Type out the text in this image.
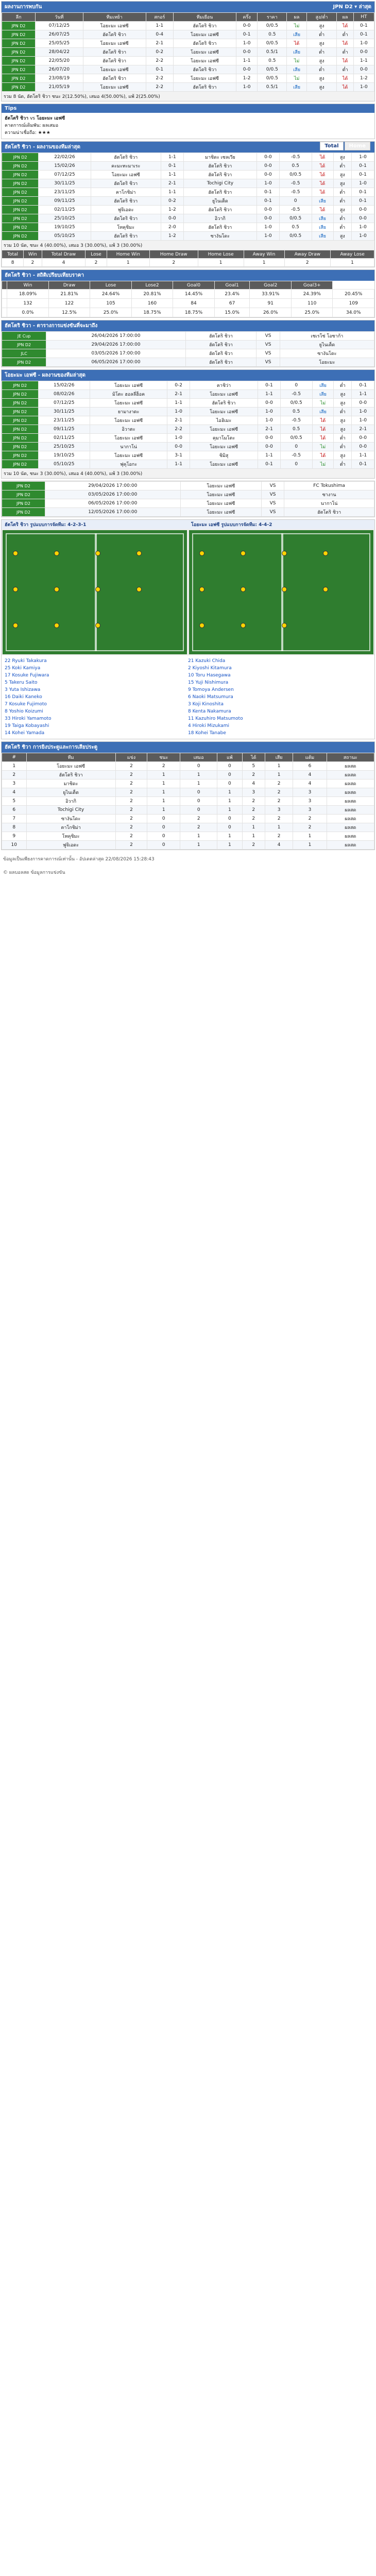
ผลงานการพบกัน	JPN D2 ▾ ล่าสุด
ลีก	วันที่	ทีมเหย้า	สกอร์	ทีมเยือน	ครึ่ง	ราคา	ผล	สูง/ต่ำ	ผล	HT
JPN D2	07/12/25	โอยะมะ เอฟซี	1-1	ฮัตโตริ ชิวา	0-0	0/0.5	ไม่	สูง	ได้	0-1
JPN D2	26/07/25	ฮัตโตริ ชิวา	0-4	โอยะมะ เอฟซี	0-1	0.5	เสีย	ต่ำ	ต่ำ	0-1
JPN D2	25/05/25	โอยะมะ เอฟซี	2-1	ฮัตโตริ ชิวา	1-0	0/0.5	ได้	สูง	ได้	1-0
JPN D2	28/04/22	ฮัตโตริ ชิวา	0-2	โอยะมะ เอฟซี	0-0	0.5/1	เสีย	ต่ำ	ต่ำ	0-0
JPN D2	22/05/20	ฮัตโตริ ชิวา	2-2	โอยะมะ เอฟซี	1-1	0.5	ไม่	สูง	ได้	1-1
JPN D2	26/07/20	โอยะมะ เอฟซี	0-1	ฮัตโตริ ชิวา	0-0	0/0.5	เสีย	ต่ำ	ต่ำ	0-0
JPN D2	23/08/19	ฮัตโตริ ชิวา	2-2	โอยะมะ เอฟซี	1-2	0/0.5	ไม่	สูง	ได้	1-2
JPN D2	21/05/19	โอยะมะ เอฟซี	2-2	ฮัตโตริ ชิวา	1-0	0.5/1	เสีย	สูง	ได้	1-0
รวม 8 นัด, ฮัตโตริ ชิวา ชนะ 2(12.50%), เสมอ 4(50.00%), แพ้ 2(25.00%)
Tips
ฮัตโตริ ชิวา vs โอยะมะ เอฟซี
คาดการณ์เดิมพัน: ผลเสมอ
ความน่าเชื่อถือ: ★★★
ฮัตโตริ ชิวา - ผลงานของทีมล่าสุด	Total Home
JPN D2	22/02/26	ฮัตโตริ ชิวา	1-1	มาชิดะ เซลเวีย	0-0	-0.5	ได้	สูง	1-0
JPN D2	15/02/26	คะมะทะมาเระ	0-1	ฮัตโตริ ชิวา	0-0	0.5	ได้	ต่ำ	0-1
JPN D2	07/12/25	โอยะมะ เอฟซี	1-1	ฮัตโตริ ชิวา	0-0	0/0.5	ได้	สูง	0-1
JPN D2	30/11/25	ฮัตโตริ ชิวา	2-1	Tochigi City	1-0	-0.5	ได้	สูง	1-0
JPN D2	23/11/25	คาโกชิม่า	1-1	ฮัตโตริ ชิวา	0-1	-0.5	ได้	ต่ำ	0-1
JPN D2	09/11/25	ฮัตโตริ ชิวา	0-2	ยูไนเต็ด	0-1	0	เสีย	ต่ำ	0-1
JPN D2	02/11/25	ฟูจิเอดะ	1-2	ฮัตโตริ ชิวา	0-0	-0.5	ได้	สูง	0-0
JPN D2	25/10/25	ฮัตโตริ ชิวา	0-0	อิวากิ	0-0	0/0.5	เสีย	ต่ำ	0-0
JPN D2	19/10/25	โทคุชิมะ	2-0	ฮัตโตริ ชิวา	1-0	0.5	เสีย	ต่ำ	1-0
JPN D2	05/10/25	ฮัตโตริ ชิวา	1-2	ซางันโดะ	1-0	0/0.5	เสีย	สูง	1-0
รวม 10 นัด, ชนะ 4 (40.00%), เสมอ 3 (30.00%), แพ้ 3 (30.00%)
Total	Win	Total Draw	Lose	Home Win	Home Draw	Home Lose	Away Win	Away Draw	Away Lose
8	2	4	2	1	2	1	1	2	1
ฮัตโตริ ชิวา - สถิติเปรียบเทียบราคา
	Win	Draw	Lose	Lose2	Goal0	Goal1	Goal2	Goal3+	
	18.09%	21.81%	24.64%	20.81%	14.45%	23.4%	33.91%	24.39%	20.45%
	132	122	105	160	84	67	91	110	109
	0.0%	12.5%	25.0%	18.75%	18.75%	15.0%	26.0%	25.0%	34.0%
ฮัตโตริ ชิวา - ตารางการแข่งขันที่จะมาถึง
JE Cup	26/04/2026 17:00:00	ฮัตโตริ ชิวา	VS	เซเรโซ่ โอซาก้า
JPN D2	29/04/2026 17:00:00	ฮัตโตริ ชิวา	VS	ยูไนเต็ด
JLC	03/05/2026 17:00:00	ฮัตโตริ ชิวา	VS	ซางันโดะ
JPN D2	06/05/2026 17:00:00	ฮัตโตริ ชิวา	VS	โอยะมะ
โอยะมะ เอฟซี - ผลงานของทีมล่าสุด
JPN D2	15/02/26	โอยะมะ เอฟซี	0-2	คาชิว่า	0-1	0	เสีย	ต่ำ	0-1
JPN D2	08/02/26	มิโตะ ฮอลลี่ฮ็อค	2-1	โอยะมะ เอฟซี	1-1	-0.5	เสีย	สูง	1-1
JPN D2	07/12/25	โอยะมะ เอฟซี	1-1	ฮัตโตริ ชิวา	0-0	0/0.5	ไม่	สูง	0-0
JPN D2	30/11/25	ยามางาตะ	1-0	โอยะมะ เอฟซี	1-0	0.5	เสีย	ต่ำ	1-0
JPN D2	23/11/25	โอยะมะ เอฟซี	2-1	ไอฮิเมะ	1-0	-0.5	ได้	สูง	1-0
JPN D2	09/11/25	อิวาตะ	2-2	โอยะมะ เอฟซี	2-1	0.5	ได้	สูง	2-1
JPN D2	02/11/25	โอยะมะ เอฟซี	1-0	คุมาโมโตะ	0-0	0/0.5	ได้	ต่ำ	0-0
JPN D2	25/10/25	นากาโน่	0-0	โอยะมะ เอฟซี	0-0	0	ไม่	ต่ำ	0-0
JPN D2	19/10/25	โอยะมะ เอฟซี	3-1	ชิมิสุ	1-1	-0.5	ได้	สูง	1-1
JPN D2	05/10/25	ฟุคุโอกะ	1-1	โอยะมะ เอฟซี	0-1	0	ไม่	ต่ำ	0-1
รวม 10 นัด, ชนะ 3 (30.00%), เสมอ 4 (40.00%), แพ้ 3 (30.00%)
JPN D2	29/04/2026 17:00:00	โอยะมะ เอฟซี	VS	FC Tokushima
JPN D2	03/05/2026 17:00:00	โอยะมะ เอฟซี	VS	ซางาน
JPN D2	06/05/2026 17:00:00	โอยะมะ เอฟซี	VS	นากาโน่
JPN D2	12/05/2026 17:00:00	โอยะมะ เอฟซี	VS	ฮัตโตริ ชิวา
ฮัตโตริ ชิวา รูปแบบการจัดทีม: 4-2-3-1	โอยะมะ เอฟซี รูปแบบการจัดทีม: 4-4-2
22 Ryuki Takakura
25 Koki Kamiya
17 Kosuke Fujiwara
5 Takeru Saito
3 Yuta Ishizawa
16 Daiki Kaneko
7 Kosuke Fujimoto
8 Yoshio Koizumi
33 Hiroki Yamamoto
19 Taiga Kobayashi
14 Kohei Yamada
21 Kazuki Chida
2 Kiyoshi Kitamura
10 Toru Hasegawa
15 Yuji Nishimura
9 Tomoya Andersen
6 Naoki Matsumura
3 Koji Kinoshita
8 Kenta Nakamura
11 Kazuhiro Matsumoto
4 Hiroki Mizukami
18 Kohei Tanabe
ฮัตโตริ ชิวา การยิงประตูและการเสียประตู
#	ทีม	แข่ง	ชนะ	เสมอ	แพ้	ได้	เสีย	แต้ม	สถานะ
1	โอยะมะ เอฟซี	2	2	0	0	5	1	6	ผลสด
2	ฮัตโตริ ชิวา	2	1	1	0	2	1	4	ผลสด
3	มาชิดะ	2	1	1	0	4	2	4	ผลสด
4	ยูไนเต็ด	2	1	0	1	3	2	3	ผลสด
5	อิวากิ	2	1	0	1	2	2	3	ผลสด
6	Tochigi City	2	1	0	1	2	3	3	ผลสด
7	ซางันโดะ	2	0	2	0	2	2	2	ผลสด
8	คาโกชิม่า	2	0	2	0	1	1	2	ผลสด
9	โทคุชิมะ	2	0	1	1	1	2	1	ผลสด
10	ฟูจิเอดะ	2	0	1	1	2	4	1	ผลสด
ข้อมูลเป็นเพียงการคาดการณ์เท่านั้น - อัปเดตล่าสุด 22/08/2026 15:28:43
© ผลบอลสด ข้อมูลการแข่งขัน
